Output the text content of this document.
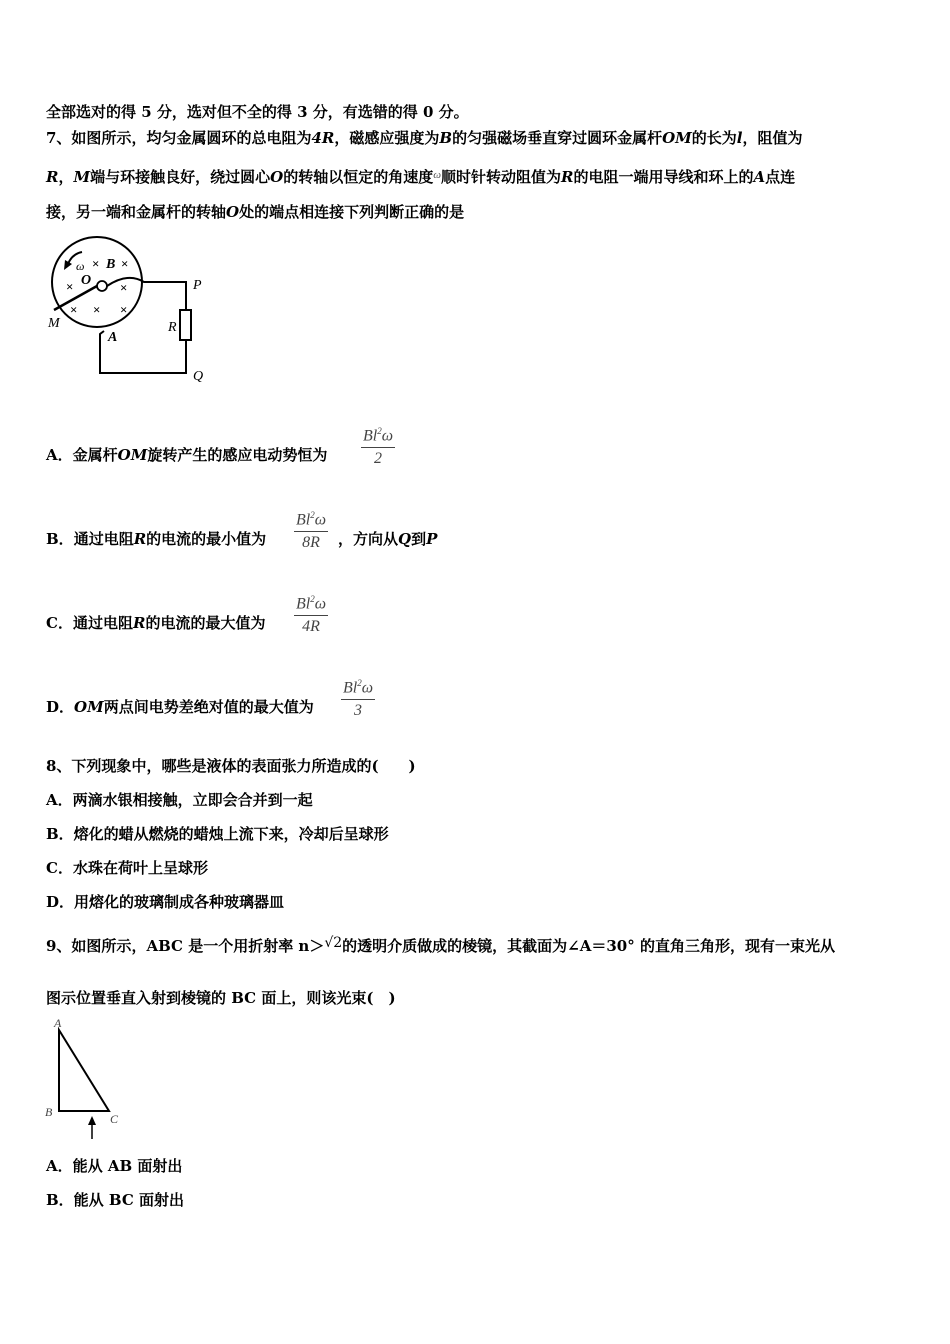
全部选对的得 5 分，选对但不全的得 3 分，有选错的得 0 分。
7、如图所示，均匀金属圆环的总电阻为4R，磁感应强度为B的匀强磁场垂直穿过圆环金属杆OM的长为l，阻值为
R，M端与环接触良好，绕过圆心O的转轴以恒定的角速度$^\omega$顺时针转动阻值为R的电阻一端用导线和环上的A点连
接，另一端和金属杆的转轴O处的端点相连接下列判断正确的是
× ×
×	×
× × ×
ω
O
B
M
A
P
R
Q
A．金属杆OM旋转产生的感应电动势恒为
Bl$^2$ω
2
B．通过电阻R的电流的最小值为
Bl$^2$ω
8R	，方向从Q到P
C．通过电阻R的电流的最大值为
Bl$^2$ω
4R
D．OM两点间电势差绝对值的最大值为
Bl$^2$ω
3
8、下列现象中，哪些是液体的表面张力所造成的(　　)
A．两滴水银相接触，立即会合并到一起
B．熔化的蜡从燃烧的蜡烛上流下来，冷却后呈球形
C．水珠在荷叶上呈球形
D．用熔化的玻璃制成各种玻璃器皿
9、如图所示，ABC 是一个用折射率 n＞√2的透明介质做成的棱镜，其截面为∠A＝30° 的直角三角形，现有一束光从
图示位置垂直入射到棱镜的 BC 面上，则该光束(　)
A
B	C
A．能从 AB 面射出
B．能从 BC 面射出
